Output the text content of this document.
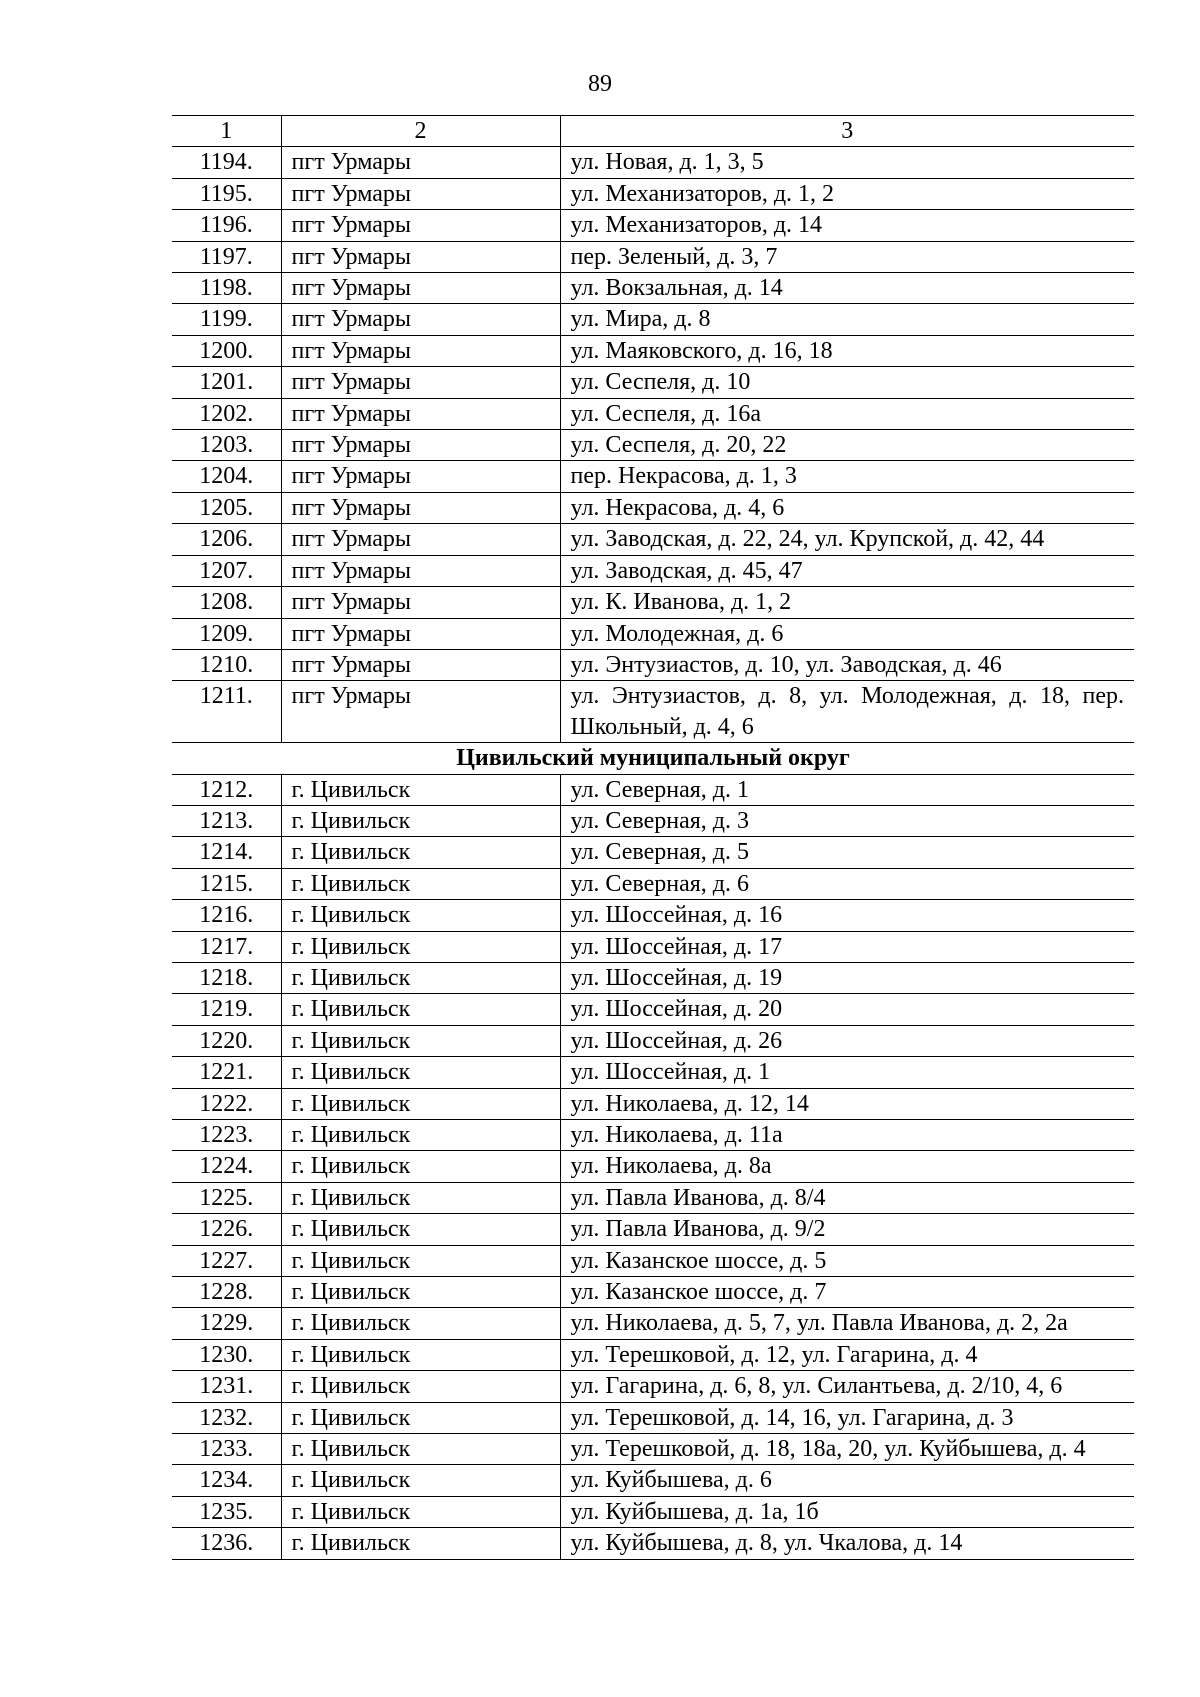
89
1	2	3
1194.	пгт Урмары	ул. Новая, д. 1, 3, 5
1195.	пгт Урмары	ул. Механизаторов, д. 1, 2
1196.	пгт Урмары	ул. Механизаторов, д. 14
1197.	пгт Урмары	пер. Зеленый, д. 3, 7
1198.	пгт Урмары	ул. Вокзальная, д. 14
1199.	пгт Урмары	ул. Мира, д. 8
1200.	пгт Урмары	ул. Маяковского, д. 16, 18
1201.	пгт Урмары	ул. Сеспеля, д. 10
1202.	пгт Урмары	ул. Сеспеля, д. 16а
1203.	пгт Урмары	ул. Сеспеля, д. 20, 22
1204.	пгт Урмары	пер. Некрасова, д. 1, 3
1205.	пгт Урмары	ул. Некрасова, д. 4, 6
1206.	пгт Урмары	ул. Заводская, д. 22, 24, ул. Крупской, д. 42, 44
1207.	пгт Урмары	ул. Заводская, д. 45, 47
1208.	пгт Урмары	ул. К. Иванова, д. 1, 2
1209.	пгт Урмары	ул. Молодежная, д. 6
1210.	пгт Урмары	ул. Энтузиастов, д. 10, ул. Заводская, д. 46
1211.	пгт Урмары	ул. Энтузиастов, д. 8, ул. Молодежная, д. 18, пер. Школьный, д. 4, 6
Цивильский муниципальный округ		
1212.	г. Цивильск	ул. Северная, д. 1
1213.	г. Цивильск	ул. Северная, д. 3
1214.	г. Цивильск	ул. Северная, д. 5
1215.	г. Цивильск	ул. Северная, д. 6
1216.	г. Цивильск	ул. Шоссейная, д. 16
1217.	г. Цивильск	ул. Шоссейная, д. 17
1218.	г. Цивильск	ул. Шоссейная, д. 19
1219.	г. Цивильск	ул. Шоссейная, д. 20
1220.	г. Цивильск	ул. Шоссейная, д. 26
1221.	г. Цивильск	ул. Шоссейная, д. 1
1222.	г. Цивильск	ул. Николаева, д. 12, 14
1223.	г. Цивильск	ул. Николаева, д. 11а
1224.	г. Цивильск	ул. Николаева, д. 8а
1225.	г. Цивильск	ул. Павла Иванова, д. 8/4
1226.	г. Цивильск	ул. Павла Иванова, д. 9/2
1227.	г. Цивильск	ул. Казанское шоссе, д. 5
1228.	г. Цивильск	ул. Казанское шоссе, д. 7
1229.	г. Цивильск	ул. Николаева, д. 5, 7, ул. Павла Иванова, д. 2, 2а
1230.	г. Цивильск	ул. Терешковой, д. 12, ул. Гагарина, д. 4
1231.	г. Цивильск	ул. Гагарина, д. 6, 8, ул. Силантьева, д. 2/10, 4, 6
1232.	г. Цивильск	ул. Терешковой, д. 14, 16, ул. Гагарина, д. 3
1233.	г. Цивильск	ул. Терешковой, д. 18, 18а, 20, ул. Куйбышева, д. 4
1234.	г. Цивильск	ул. Куйбышева, д. 6
1235.	г. Цивильск	ул. Куйбышева, д. 1а, 1б
1236.	г. Цивильск	ул. Куйбышева, д. 8, ул. Чкалова, д. 14
